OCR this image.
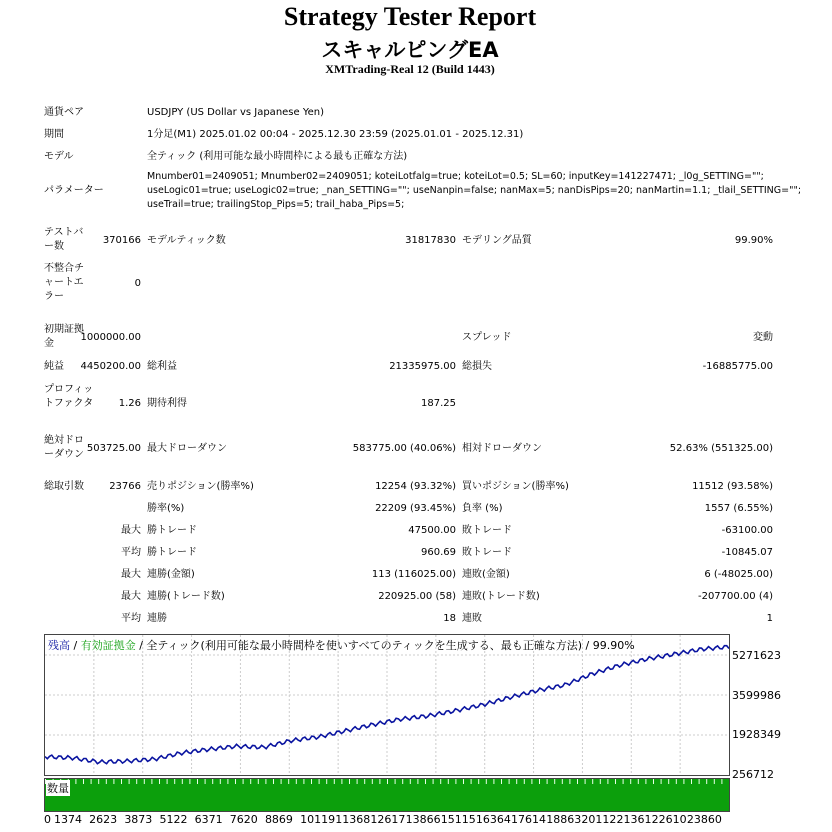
Strategy Tester Report
スキャルピングEA
XMTrading-Real 12 (Build 1443)
通貨ペア	USDJPY (US Dollar vs Japanese Yen)
期間	1分足(M1) 2025.01.02 00:04 - 2025.12.30 23:59 (2025.01.01 - 2025.12.31)
モデル	全ティック (利用可能な最小時間枠による最も正確な方法)
パラメーター
Mnumber01=2409051; Mnumber02=2409051; koteiLotfalg=true; koteiLot=0.5; SL=60; inputKey=141227471; _l0g_SETTING="";
useLogic01=true; useLogic02=true; _nan_SETTING=""; useNanpin=false; nanMax=5; nanDisPips=20; nanMartin=1.1; _tlail_SETTING="";
useTrail=true; trailingStop_Pips=5; trail_haba_Pips=5;
テストバー数
370166 モデルティック数	31817830 モデリング品質	99.90%
不整合チャートエラー
0
初期証拠金
1000000.00	スプレッド	変動
純益	4450200.00 総利益	21335975.00 総損失	-16885775.00
プロフィットファクタ	1.26 期待利得	187.25
絶対ドローダウン
503725.00 最大ドローダウン	583775.00 (40.06%) 相対ドローダウン	52.63% (551325.00)
総取引数	23766 売りポジション(勝率%)	12254 (93.32%) 買いポジション(勝率%)	11512 (93.58%)
勝率(%)	22209 (93.45%) 負率 (%)	1557 (6.55%)
最大 勝トレード	47500.00 敗トレード	-63100.00
平均 勝トレード	960.69 敗トレード	-10845.07
最大 連勝(金額)	113 (116025.00) 連敗(金額)	6 (-48025.00)
最大 連勝(トレード数)	220925.00 (58) 連敗(トレード数)	-207700.00 (4)
平均 連勝	18 連敗	1
残高 / 有効証拠金 / 全ティック(利用可能な最小時間枠を使いすべてのティックを生成する、最も正確な方法) / 99.90%
5271623
3599986
1928349
256712
数量
0 1374 2623 3873 5122 6371 7620 8869 10119 11368 12617 13866 15115 16364 17614 18863 20112 21361 22610 23860
